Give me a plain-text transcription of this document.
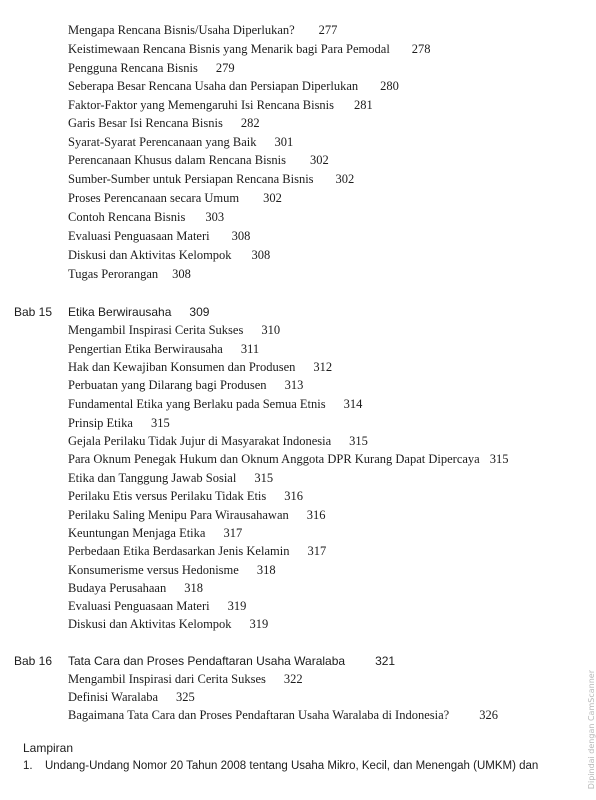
Mengapa Rencana Bisnis/Usaha Diperlukan? 277
Keistimewaan Rencana Bisnis yang Menarik bagi Para Pemodal 278
Pengguna Rencana Bisnis 279
Seberapa Besar Rencana Usaha dan Persiapan Diperlukan 280
Faktor-Faktor yang Memengaruhi Isi Rencana Bisnis 281
Garis Besar Isi Rencana Bisnis 282
Syarat-Syarat Perencanaan yang Baik 301
Perencanaan Khusus dalam Rencana Bisnis 302
Sumber-Sumber untuk Persiapan Rencana Bisnis 302
Proses Perencanaan secara Umum 302
Contoh Rencana Bisnis 303
Evaluasi Penguasaan Materi 308
Diskusi dan Aktivitas Kelompok 308
Tugas Perorangan 308
Bab 15 Etika Berwirausaha 309
Mengambil Inspirasi Cerita Sukses 310
Pengertian Etika Berwirausaha 311
Hak dan Kewajiban Konsumen dan Produsen 312
Perbuatan yang Dilarang bagi Produsen 313
Fundamental Etika yang Berlaku pada Semua Etnis 314
Prinsip Etika 315
Gejala Perilaku Tidak Jujur di Masyarakat Indonesia 315
Para Oknum Penegak Hukum dan Oknum Anggota DPR Kurang Dapat Dipercaya 315
Etika dan Tanggung Jawab Sosial 315
Perilaku Etis versus Perilaku Tidak Etis 316
Perilaku Saling Menipu Para Wirausahawan 316
Keuntungan Menjaga Etika 317
Perbedaan Etika Berdasarkan Jenis Kelamin 317
Konsumerisme versus Hedonisme 318
Budaya Perusahaan 318
Evaluasi Penguasaan Materi 319
Diskusi dan Aktivitas Kelompok 319
Bab 16 Tata Cara dan Proses Pendaftaran Usaha Waralaba	321
Mengambil Inspirasi dari Cerita Sukses 322
Definisi Waralaba 325
Bagaimana Tata Cara dan Proses Pendaftaran Usaha Waralaba di Indonesia? 326
Lampiran
1. Undang-Undang Nomor 20 Tahun 2008 tentang Usaha Mikro, Kecil, dan Menengah (UMKM) dan	Dipindai dengan CamScanner
